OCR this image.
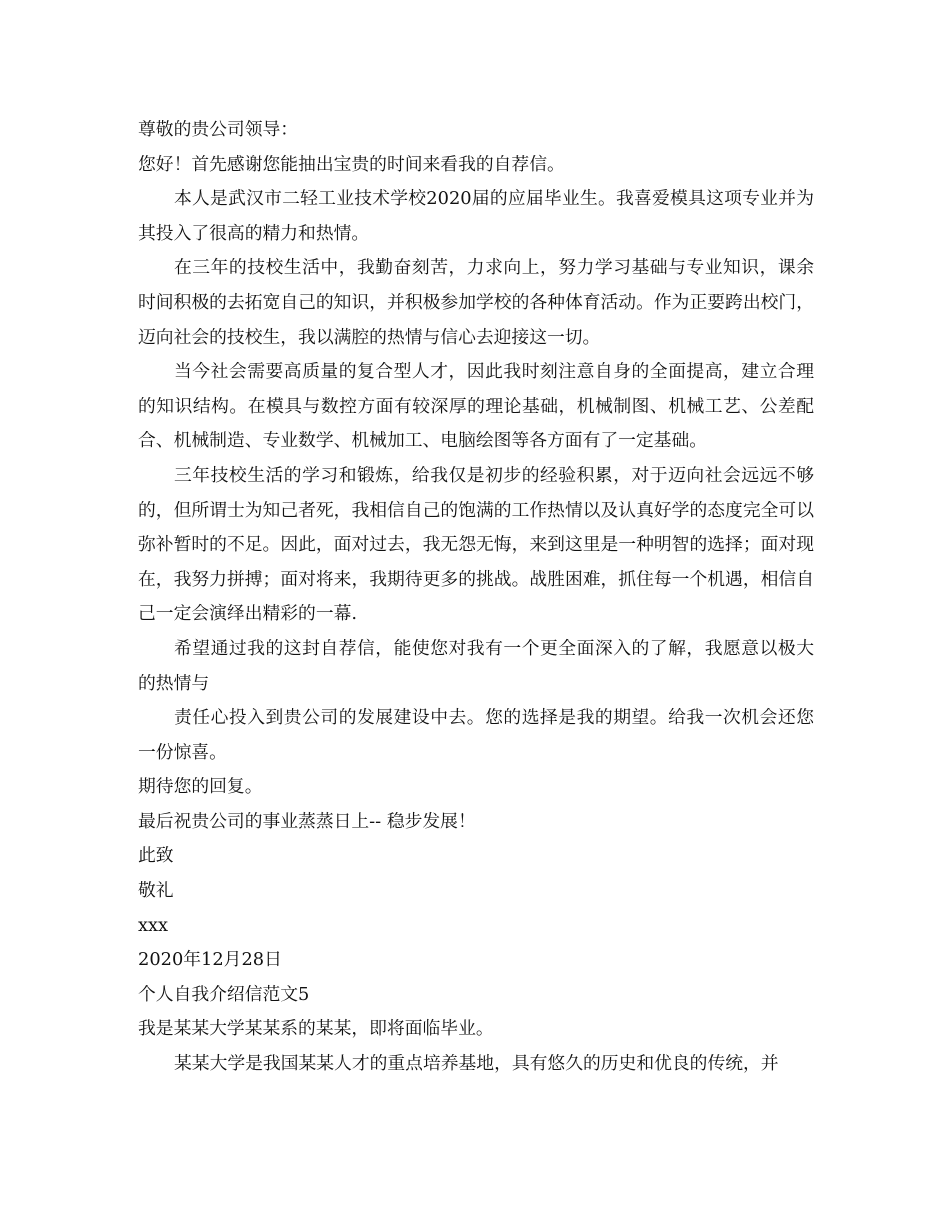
尊敬的贵公司领导：

您好！首先感谢您能抽出宝贵的时间来看我的自荐信。

本人是武汉市二轻工业技术学校2020届的应届毕业生。我喜爱模具这项专业并为其投入了很高的精力和热情。

在三年的技校生活中，我勤奋刻苦，力求向上，努力学习基础与专业知识，课余时间积极的去拓宽自己的知识，并积极参加学校的各种体育活动。作为正要跨出校门，迈向社会的技校生，我以满腔的热情与信心去迎接这一切。

当今社会需要高质量的复合型人才，因此我时刻注意自身的全面提高，建立合理的知识结构。在模具与数控方面有较深厚的理论基础，机械制图、机械工艺、公差配合、机械制造、专业数学、机械加工、电脑绘图等各方面有了一定基础。

三年技校生活的学习和锻炼，给我仅是初步的经验积累，对于迈向社会远远不够的，但所谓士为知己者死，我相信自己的饱满的工作热情以及认真好学的态度完全可以弥补暂时的不足。因此，面对过去，我无怨无悔，来到这里是一种明智的选择；面对现在，我努力拼搏；面对将来，我期待更多的挑战。战胜困难，抓住每一个机遇，相信自己一定会演绎出精彩的一幕.

希望通过我的这封自荐信，能使您对我有一个更全面深入的了解，我愿意以极大的热情与

责任心投入到贵公司的发展建设中去。您的选择是我的期望。给我一次机会还您一份惊喜。

期待您的回复。

最后祝贵公司的事业蒸蒸日上-- 稳步发展！

此致

敬礼

xxx

2020年12月28日

个人自我介绍信范文5

我是某某大学某某系的某某，即将面临毕业。

某某大学是我国某某人才的重点培养基地，具有悠久的历史和优良的传统，并
